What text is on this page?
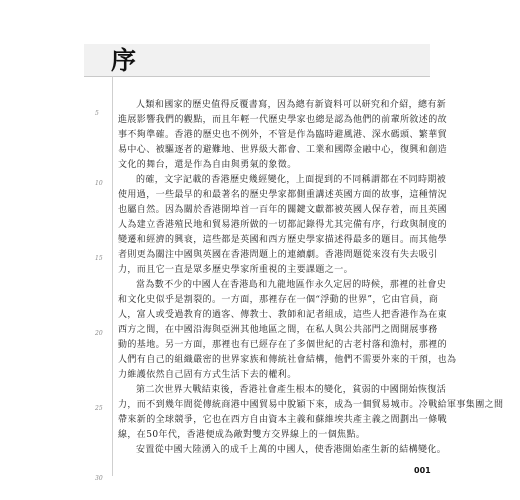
序
5
10
15
20
25
30
人類和國家的歷史值得反覆書寫，因為總有新資料可以研究和介紹，總有新
進展影響我們的觀點，而且年輕一代歷史學家也總是認為他們的前輩所敘述的故
事不夠準確。香港的歷史也不例外，不管是作為臨時避風港、深水碼頭、繁華貿
易中心、被驅逐者的避難地、世界級大都會、工業和國際金融中心，復興和創造
文化的舞台，還是作為自由與勇氣的象徵。
的確，文字記載的香港歷史幾經變化，上面提到的不同稱謂都在不同時期被
使用過，一些最早的和最著名的歷史學家都側重講述英國方面的故事，這種情況
也屬自然。因為關於香港開埠首一百年的關鍵文獻都被英國人保存着，而且英國
人為建立香港殖民地和貿易港所做的一切都記錄得尤其完備有序，行政與制度的
變遷和經濟的興衰，這些都是英國和西方歷史學家描述得最多的題目。而其他學
者則更為關注中國與英國在香港問題上的連續劇。香港問題從來沒有失去吸引
力，而且它一直是眾多歷史學家所重視的主要課題之一。
當為數不少的中國人在香港島和九龍地區作永久定居的時候，那裡的社會史
和文化史似乎是割裂的。一方面，那裡存在一個“浮動的世界”，它由官員，商
人，富人或受過教育的過客、傳教士、教師和記者組成，這些人把香港作為在東
西方之間，在中國沿海與亞洲其他地區之間，在私人與公共部門之間開展事務
動的基地。另一方面，那裡也有已經存在了多個世紀的古老村落和漁村，那裡的
人們有自己的組織嚴密的世界家族和傳統社會結構，他們不需要外來的干預，也為
力維護依然自己固有方式生活下去的權利。
第二次世界大戰結束後，香港社會產生根本的變化，貧弱的中國開始恢復活
力，而不到幾年間從傳統商港中國貿易中脫穎下來，成為一個貿易城市。冷戰給軍事集團之間
帶來新的全球競爭，它也在西方自由資本主義和蘇維埃共產主義之間劃出一條戰
線，在50年代，香港便成為敵對雙方交界線上的一個焦點。
安置從中國大陸湧入的成千上萬的中國人，使香港開始產生新的結構變化。
001
